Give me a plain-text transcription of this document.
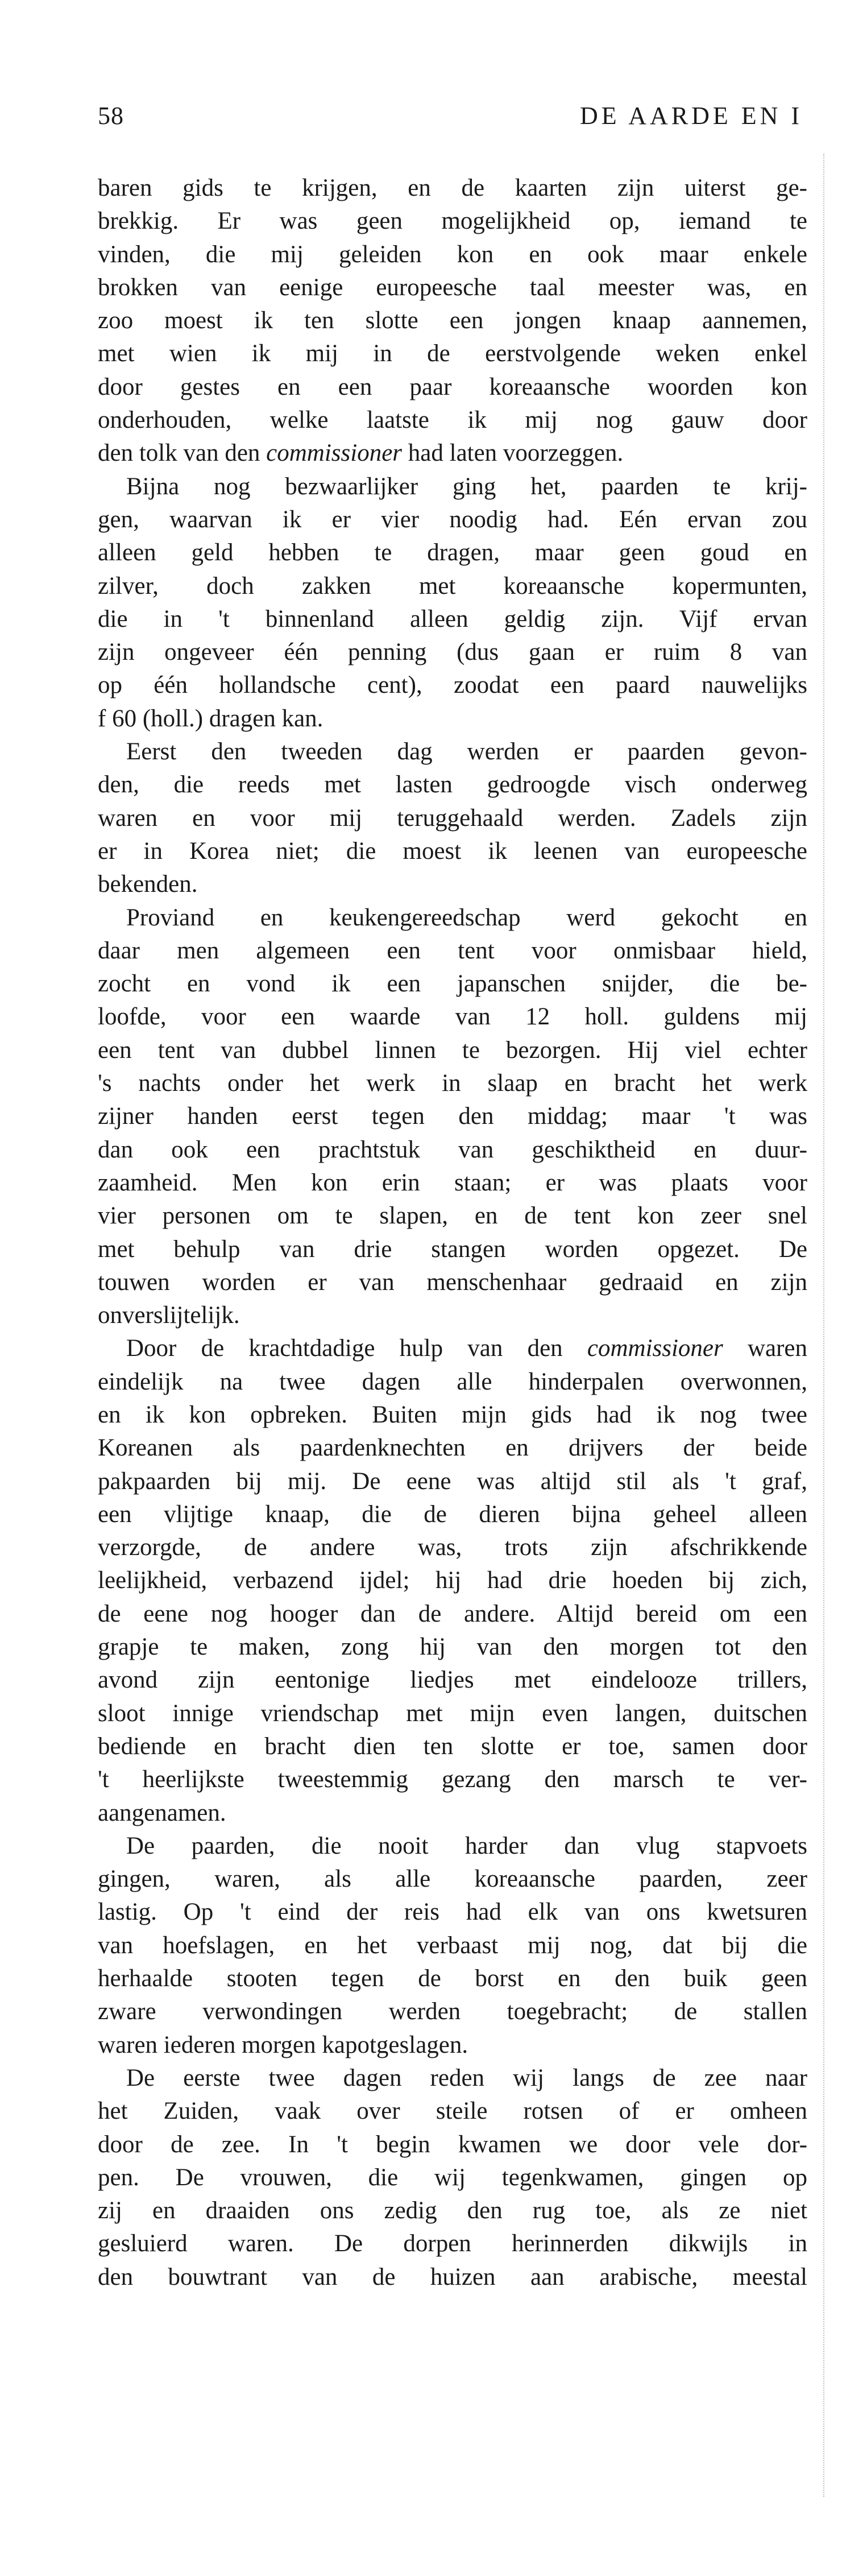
58	DE AARDE EN I
baren gids te krijgen, en de kaarten zijn uiterst ge-
brekkig. Er was geen mogelijkheid op, iemand te
vinden, die mij geleiden kon en ook maar enkele
brokken van eenige europeesche taal meester was, en
zoo moest ik ten slotte een jongen knaap aannemen,
met wien ik mij in de eerstvolgende weken enkel
door gestes en een paar koreaansche woorden kon
onderhouden, welke laatste ik mij nog gauw door
den tolk van den commissioner had laten voorzeggen.
Bijna nog bezwaarlijker ging het, paarden te krij-
gen, waarvan ik er vier noodig had. Eén ervan zou
alleen geld hebben te dragen, maar geen goud en
zilver, doch zakken met koreaansche kopermunten,
die in 't binnenland alleen geldig zijn. Vijf ervan
zijn ongeveer één penning (dus gaan er ruim 8 van
op één hollandsche cent), zoodat een paard nauwelijks
f 60 (holl.) dragen kan.
Eerst den tweeden dag werden er paarden gevon-
den, die reeds met lasten gedroogde visch onderweg
waren en voor mij teruggehaald werden. Zadels zijn
er in Korea niet; die moest ik leenen van europeesche
bekenden.
Proviand en keukengereedschap werd gekocht en
daar men algemeen een tent voor onmisbaar hield,
zocht en vond ik een japanschen snijder, die be-
loofde, voor een waarde van 12 holl. guldens mij
een tent van dubbel linnen te bezorgen. Hij viel echter
's nachts onder het werk in slaap en bracht het werk
zijner handen eerst tegen den middag; maar 't was
dan ook een prachtstuk van geschiktheid en duur-
zaamheid. Men kon erin staan; er was plaats voor
vier personen om te slapen, en de tent kon zeer snel
met behulp van drie stangen worden opgezet. De
touwen worden er van menschenhaar gedraaid en zijn
onverslijtelijk.
Door de krachtdadige hulp van den commissioner waren
eindelijk na twee dagen alle hinderpalen overwonnen,
en ik kon opbreken. Buiten mijn gids had ik nog twee
Koreanen als paardenknechten en drijvers der beide
pakpaarden bij mij. De eene was altijd stil als 't graf,
een vlijtige knaap, die de dieren bijna geheel alleen
verzorgde, de andere was, trots zijn afschrikkende
leelijkheid, verbazend ijdel; hij had drie hoeden bij zich,
de eene nog hooger dan de andere. Altijd bereid om een
grapje te maken, zong hij van den morgen tot den
avond zijn eentonige liedjes met eindelooze trillers,
sloot innige vriendschap met mijn even langen, duitschen
bediende en bracht dien ten slotte er toe, samen door
't heerlijkste tweestemmig gezang den marsch te ver-
aangenamen.
De paarden, die nooit harder dan vlug stapvoets
gingen, waren, als alle koreaansche paarden, zeer
lastig. Op 't eind der reis had elk van ons kwetsuren
van hoefslagen, en het verbaast mij nog, dat bij die
herhaalde stooten tegen de borst en den buik geen
zware verwondingen werden toegebracht; de stallen
waren iederen morgen kapotgeslagen.
De eerste twee dagen reden wij langs de zee naar
het Zuiden, vaak over steile rotsen of er omheen
door de zee. In 't begin kwamen we door vele dor-
pen. De vrouwen, die wij tegenkwamen, gingen op
zij en draaiden ons zedig den rug toe, als ze niet
gesluierd waren. De dorpen herinnerden dikwijls in
den bouwtrant van de huizen aan arabische, meestal
